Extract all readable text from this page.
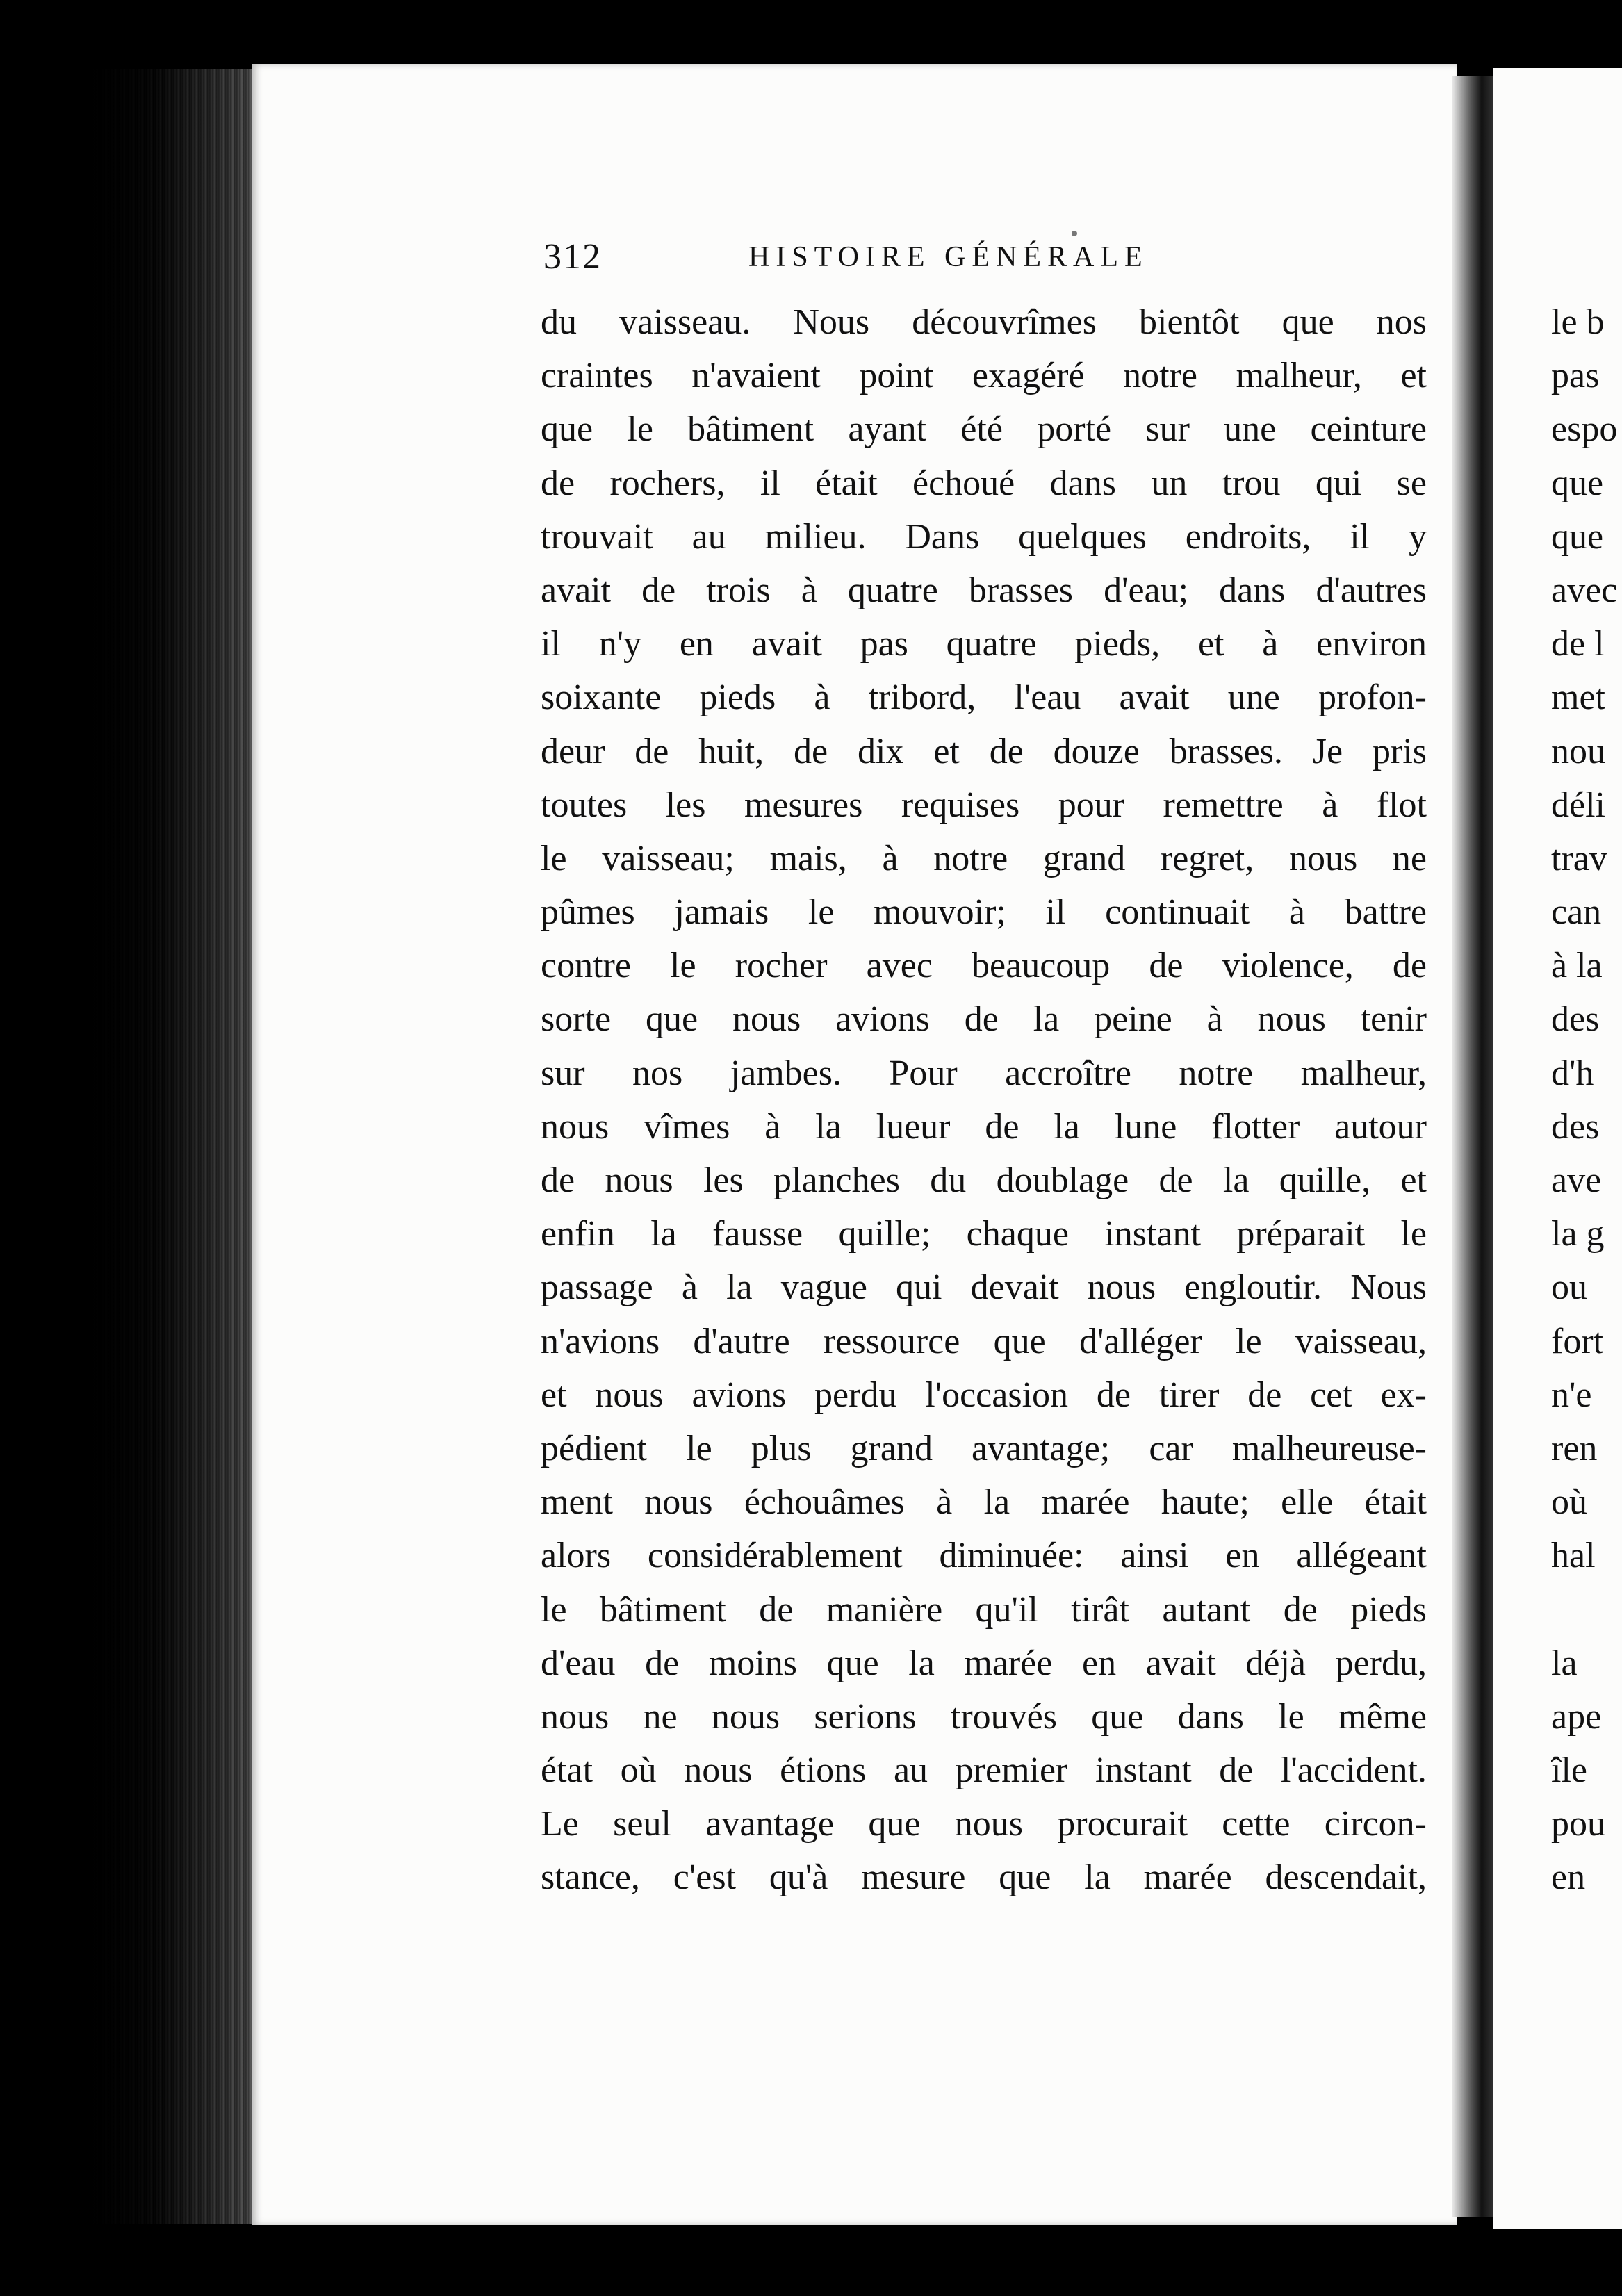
312	HISTOIRE GÉNÉRALE
du vaisseau. Nous découvrîmes bientôt que nos
craintes n'avaient point exagéré notre malheur, et
que le bâtiment ayant été porté sur une ceinture
de rochers, il était échoué dans un trou qui se
trouvait au milieu. Dans quelques endroits, il y
avait de trois à quatre brasses d'eau; dans d'autres
il n'y en avait pas quatre pieds, et à environ
soixante pieds à tribord, l'eau avait une profon-
deur de huit, de dix et de douze brasses. Je pris
toutes les mesures requises pour remettre à flot
le vaisseau; mais, à notre grand regret, nous ne
pûmes jamais le mouvoir; il continuait à battre
contre le rocher avec beaucoup de violence, de
sorte que nous avions de la peine à nous tenir
sur nos jambes. Pour accroître notre malheur,
nous vîmes à la lueur de la lune flotter autour
de nous les planches du doublage de la quille, et
enfin la fausse quille; chaque instant préparait le
passage à la vague qui devait nous engloutir. Nous
n'avions d'autre ressource que d'alléger le vaisseau,
et nous avions perdu l'occasion de tirer de cet ex-
pédient le plus grand avantage; car malheureuse-
ment nous échouâmes à la marée haute; elle était
alors considérablement diminuée: ainsi en allégeant
le bâtiment de manière qu'il tirât autant de pieds
d'eau de moins que la marée en avait déjà perdu,
nous ne nous serions trouvés que dans le même
état où nous étions au premier instant de l'accident.
Le seul avantage que nous procurait cette circon-
stance, c'est qu'à mesure que la marée descendait,
le b
pas
espo
que
que
avec
de l
met
nou
déli
trav
can
à la
des
d'h
des
ave
la g
ou
fort
n'e
ren
où
hal
la
ape
île
pou
en
